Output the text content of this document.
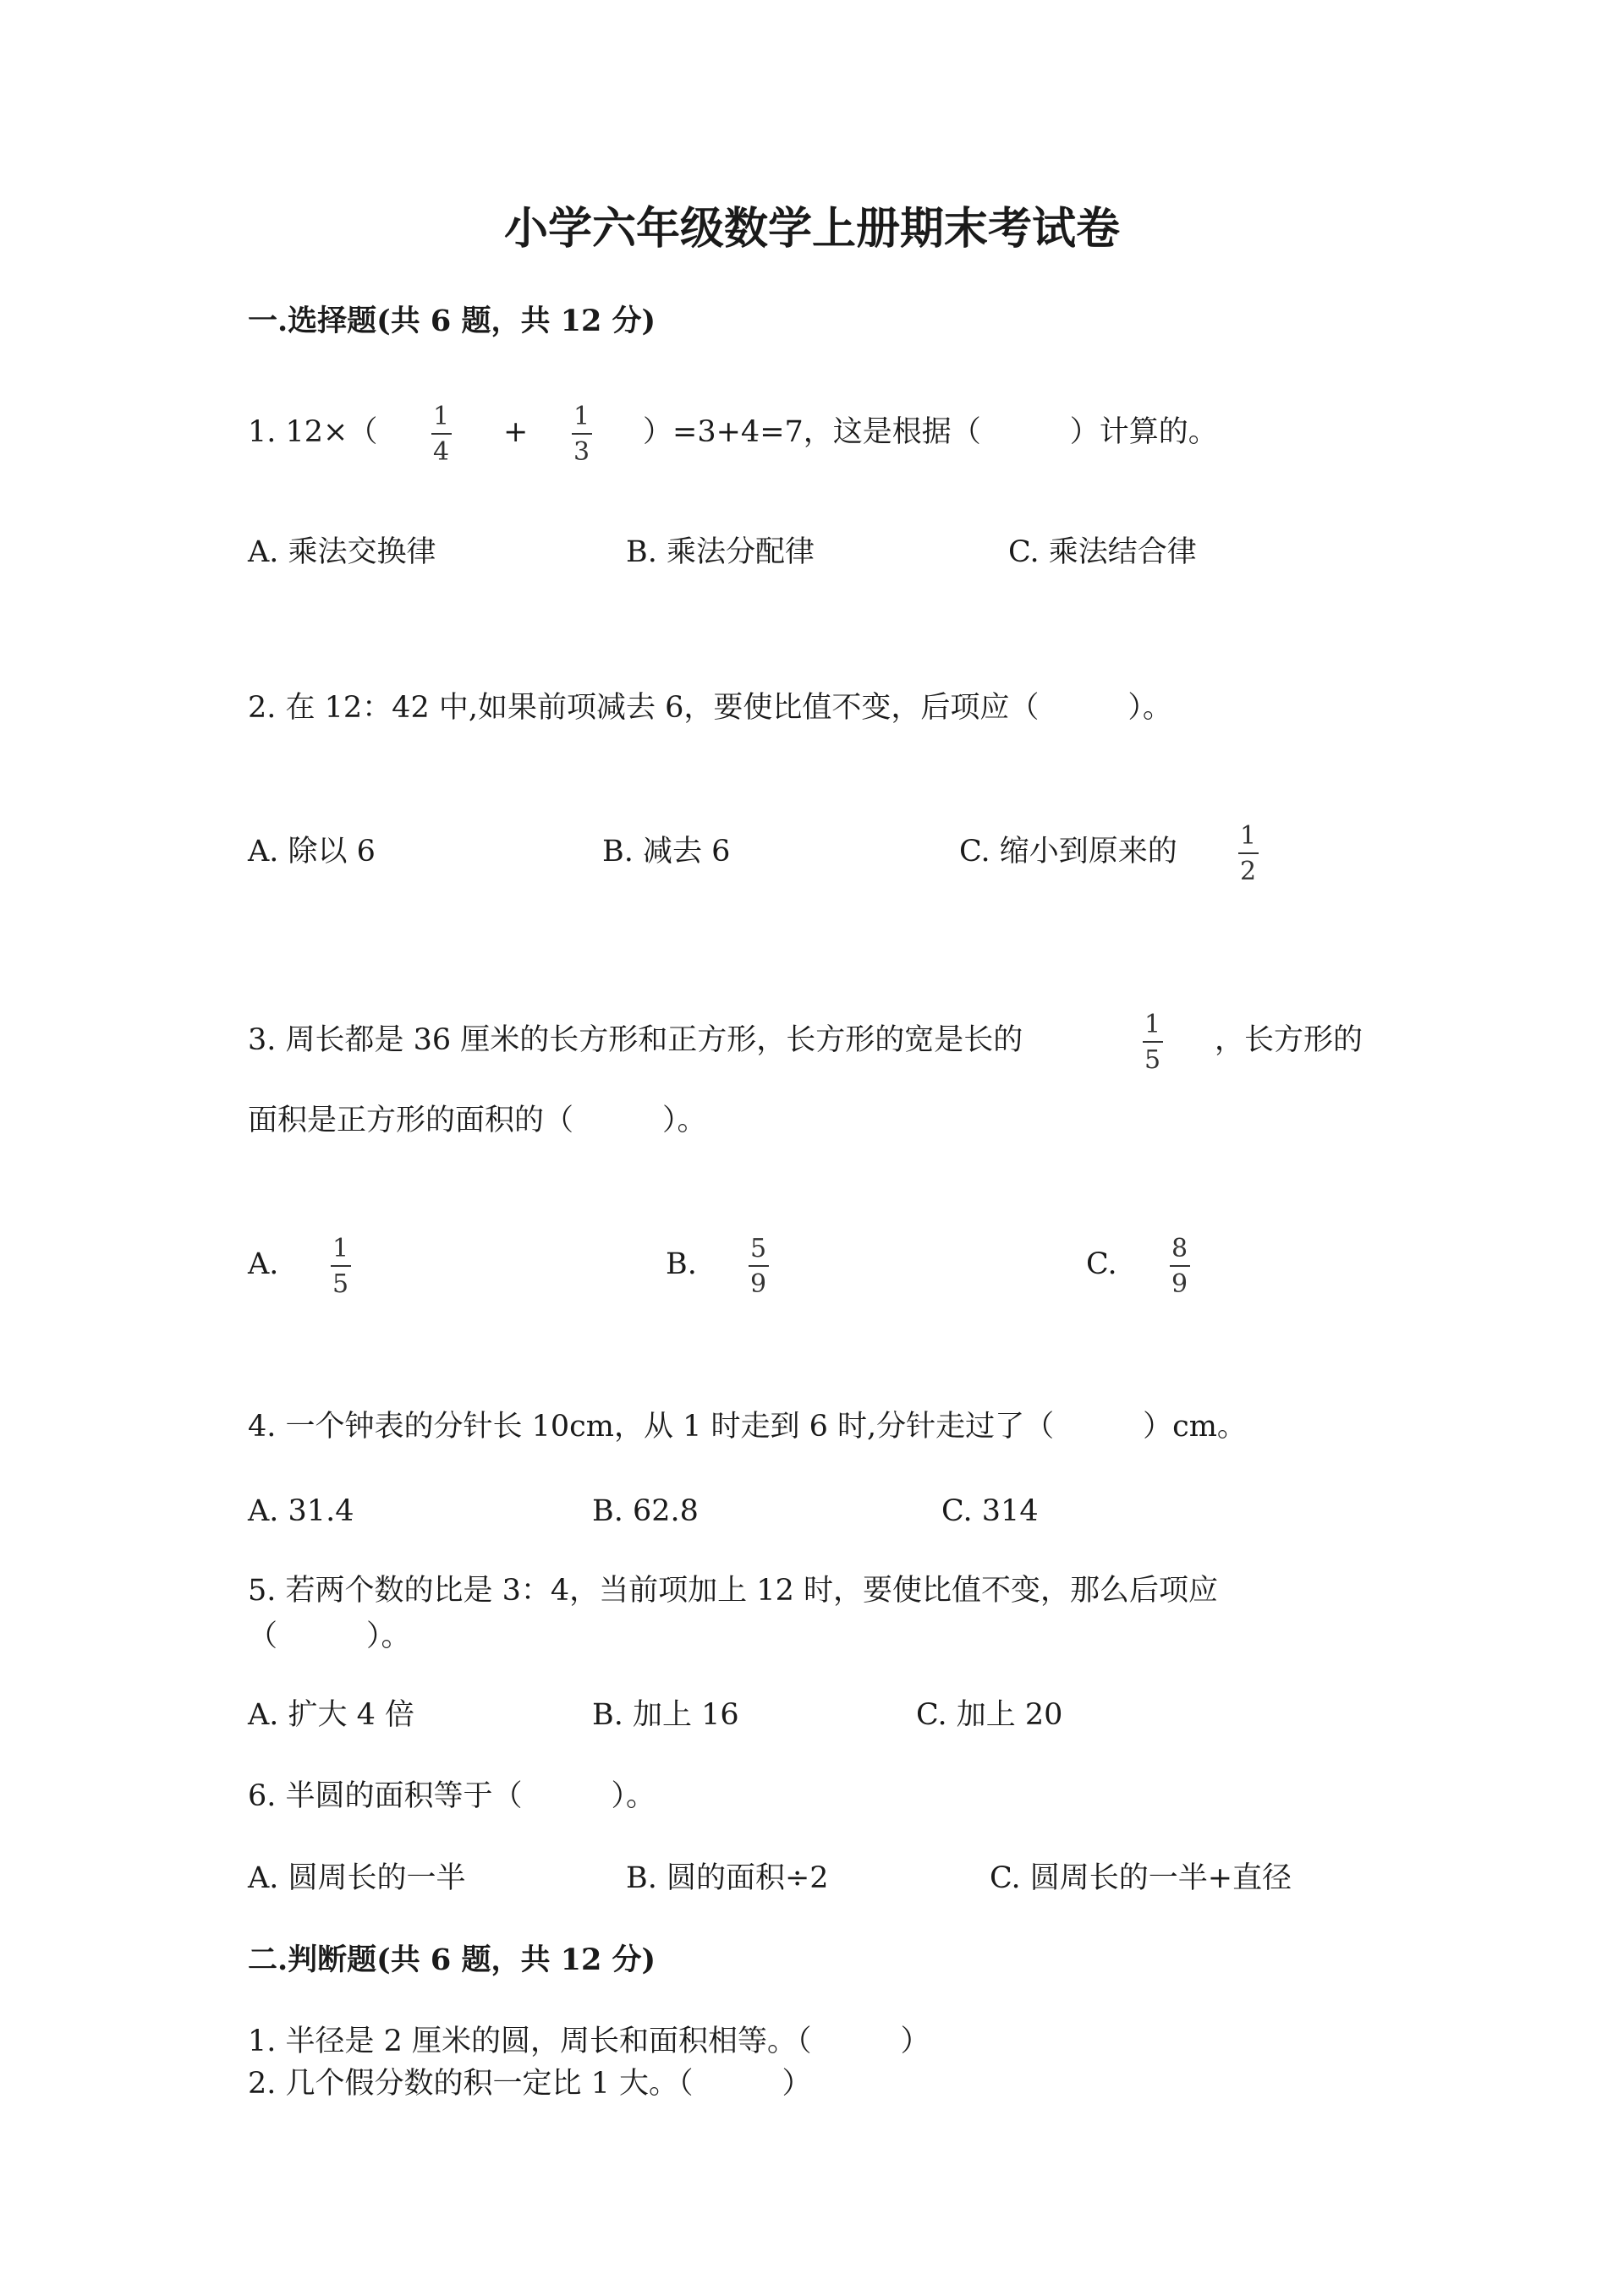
小学六年级数学上册期末考试卷
一.选择题(共 6 题，共 12 分)
1. 12×（ 1
4
+ 1
3
）=3+4=7，这是根据（　　　）计算的。
A. 乘法交换律	B. 乘法分配律	C. 乘法结合律
2. 在 12：42 中,如果前项减去 6，要使比值不变，后项应（　　　）。
A. 除以 6	B. 减去 6	C. 缩小到原来的 1
2
3. 周长都是 36 厘米的长方形和正方形，长方形的宽是长的	1
5
，长方形的
面积是正方形的面积的（　　　）。
A. 1
5
B. 5
9
C. 8
9
4. 一个钟表的分针长 10cm，从 1 时走到 6 时,分针走过了（　　　）cm。
A. 31.4	B. 62.8	C. 314
5. 若两个数的比是 3：4，当前项加上 12 时，要使比值不变，那么后项应
（　　　）。
A. 扩大 4 倍	B. 加上 16	C. 加上 20
6. 半圆的面积等于（　　　）。
A. 圆周长的一半	B. 圆的面积÷2	C. 圆周长的一半+直径
二.判断题(共 6 题，共 12 分)
1. 半径是 2 厘米的圆，周长和面积相等。（　　　）
2. 几个假分数的积一定比 1 大。（　　　）
